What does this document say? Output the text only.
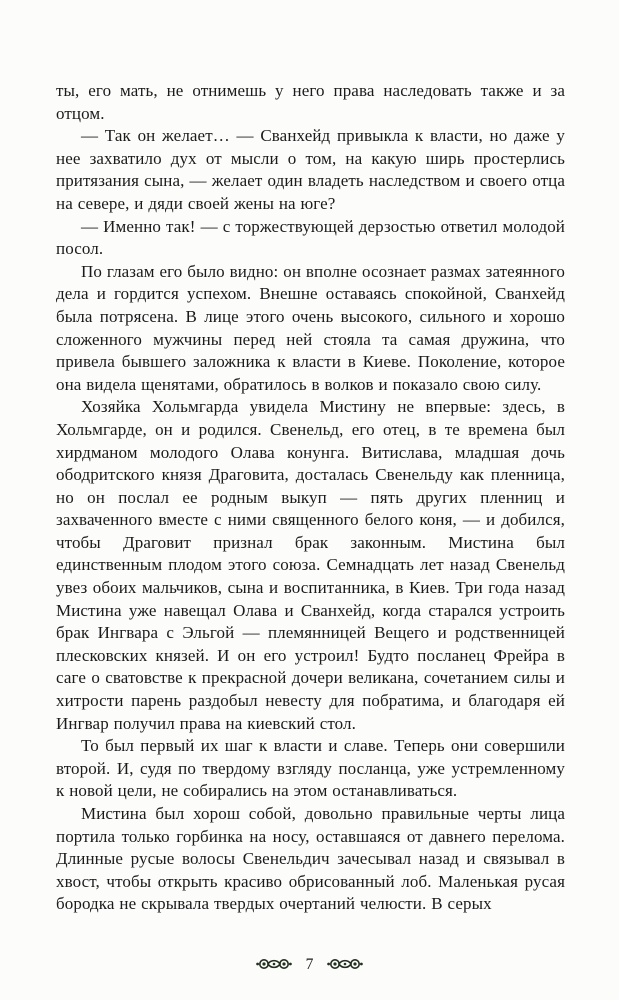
ты, его мать, не отнимешь у него права наследовать также и за отцом.

— Так он желает… — Сванхейд привыкла к власти, но даже у нее захватило дух от мысли о том, на какую ширь простерлись притязания сына, — желает один владеть наследством и своего отца на севере, и дяди своей жены на юге?

— Именно так! — с торжествующей дерзостью ответил молодой посол.

По глазам его было видно: он вполне осознает размах затеянного дела и гордится успехом. Внешне оставаясь спокойной, Сванхейд была потрясена. В лице этого очень высокого, сильного и хорошо сложенного мужчины перед ней стояла та самая дружина, что привела бывшего заложника к власти в Киеве. Поколение, которое она видела щенятами, обратилось в волков и показало свою силу.

Хозяйка Хольмгарда увидела Мистину не впервые: здесь, в Хольмгарде, он и родился. Свенельд, его отец, в те времена был хирдманом молодого Олава конунга. Витислава, младшая дочь ободритского князя Драговита, досталась Свенельду как пленница, но он послал ее родным выкуп — пять других пленниц и захваченного вместе с ними священного белого коня, — и добился, чтобы Драговит признал брак законным. Мистина был единственным плодом этого союза. Семнадцать лет назад Свенельд увез обоих мальчиков, сына и воспитанника, в Киев. Три года назад Мистина уже навещал Олава и Сванхейд, когда старался устроить брак Ингвара с Эльгой — племянницей Вещего и родственницей плесковских князей. И он его устроил! Будто посланец Фрейра в саге о сватовстве к прекрасной дочери великана, сочетанием силы и хитрости парень раздобыл невесту для побратима, и благодаря ей Ингвар получил права на киевский стол.

То был первый их шаг к власти и славе. Теперь они совершили второй. И, судя по твердому взгляду посланца, уже устремленному к новой цели, не собирались на этом останавливаться.

Мистина был хорош собой, довольно правильные черты лица портила только горбинка на носу, оставшаяся от давнего перелома. Длинные русые волосы Свенельдич зачесывал назад и связывал в хвост, чтобы открыть красиво обрисованный лоб. Маленькая русая бородка не скрывала твердых очертаний челюсти. В серых

7
